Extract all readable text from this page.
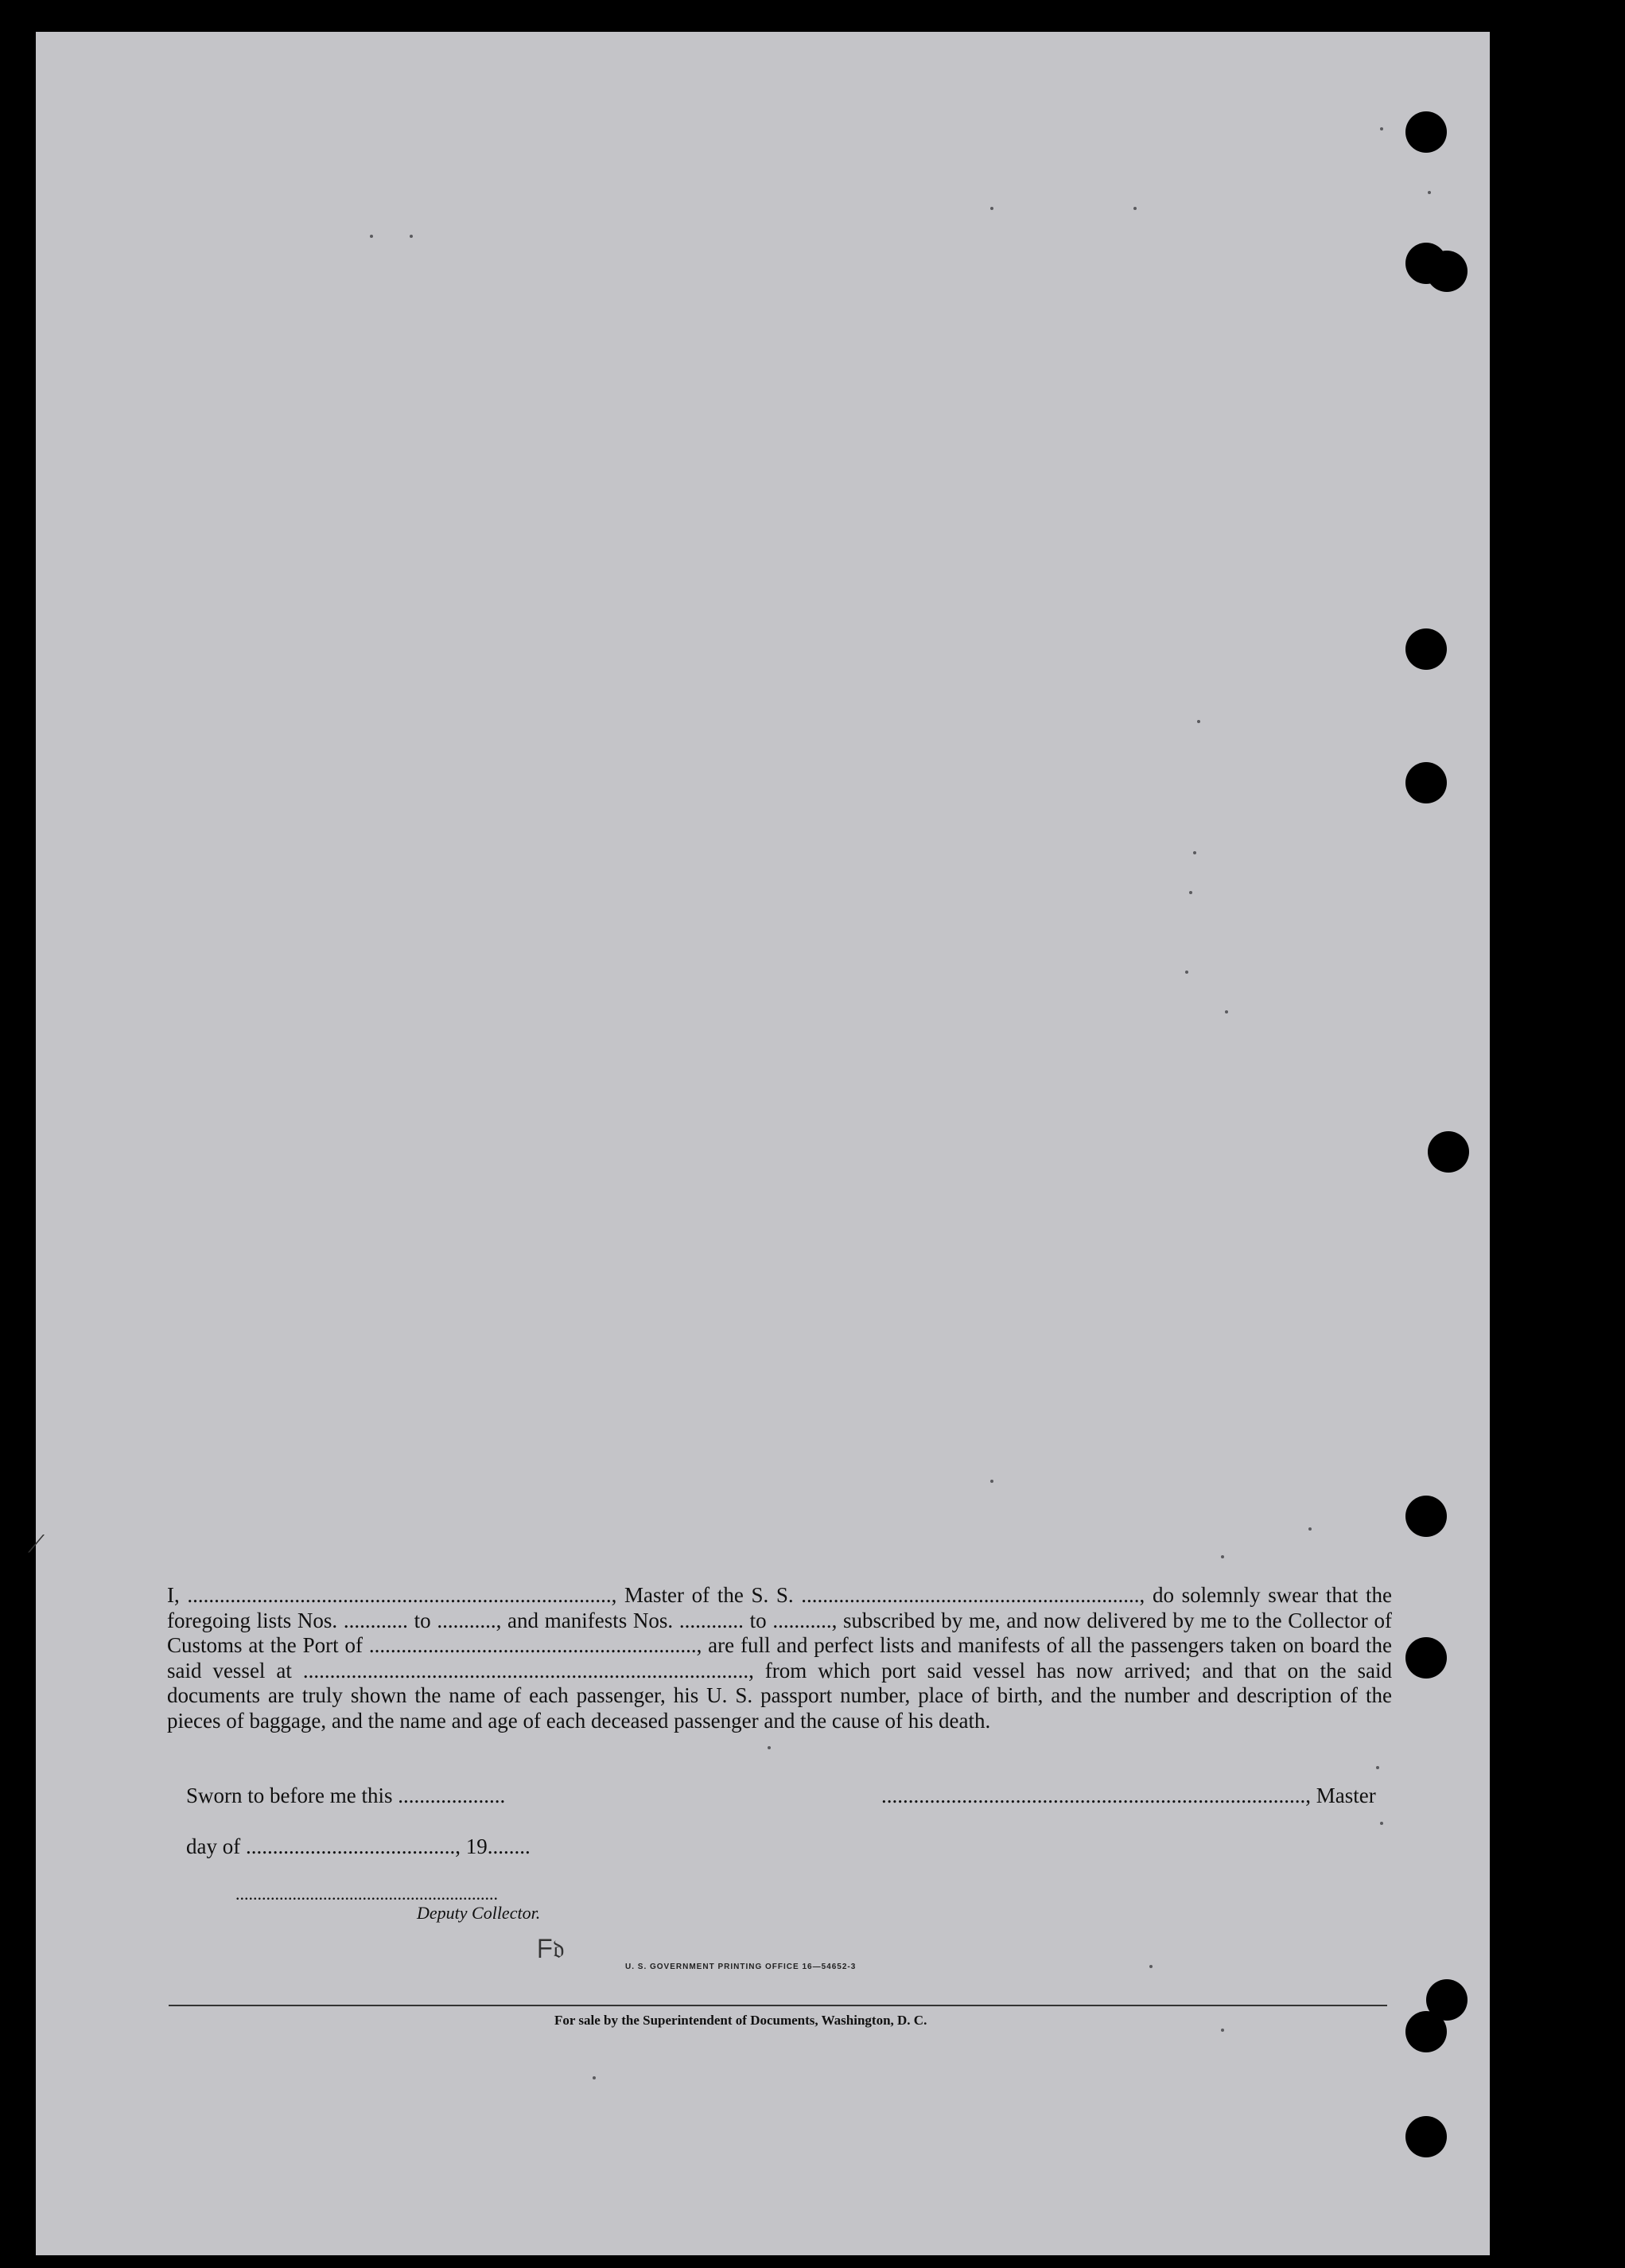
⟋
I, ..............................................................................., Master of the S. S. ..............................................................., do solemnly swear that the foregoing lists Nos. ............ to ..........., and manifests Nos. ............ to ..........., subscribed by me, and now delivered by me to the Collector of Customs at the Port of ............................................................., are full and perfect lists and manifests of all the passengers taken on board the said vessel at ..................................................................................., from which port said vessel has now arrived; and that on the said documents are truly shown the name of each passenger, his U. S. passport number, place of birth, and the number and description of the pieces of baggage, and the name and age of each deceased passenger and the cause of his death.
Sworn to before me this ....................	..............................................................................., Master
day of ......................................., 19........
............................................................
Deputy Collector.
ᖴ𝔡
U. S. GOVERNMENT PRINTING OFFICE 16—54652-3
For sale by the Superintendent of Documents, Washington, D. C.
